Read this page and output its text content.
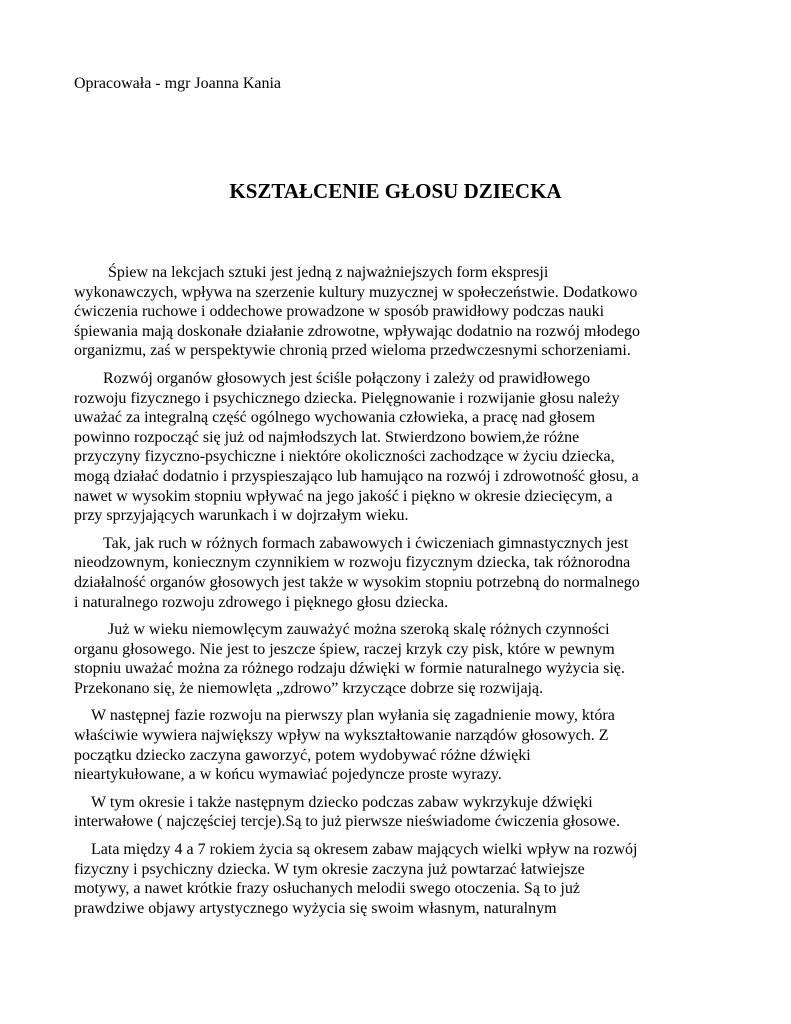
Opracowała - mgr Joanna Kania

KSZTAŁCENIE GŁOSU DZIECKA

Śpiew na lekcjach sztuki jest jedną z najważniejszych form ekspresji
wykonawczych, wpływa na szerzenie kultury muzycznej w społeczeństwie. Dodatkowo
ćwiczenia ruchowe i oddechowe prowadzone w sposób prawidłowy podczas nauki
śpiewania mają doskonałe działanie zdrowotne, wpływając dodatnio na rozwój młodego
organizmu, zaś w perspektywie chronią przed wieloma przedwczesnymi schorzeniami.

Rozwój organów głosowych jest ściśle połączony i zależy od prawidłowego
rozwoju fizycznego i psychicznego dziecka. Pielęgnowanie i rozwijanie głosu należy
uważać za integralną część ogólnego wychowania człowieka, a pracę nad głosem
powinno rozpocząć się już od najmłodszych lat. Stwierdzono bowiem,że różne
przyczyny fizyczno-psychiczne i niektóre okoliczności zachodzące w życiu dziecka,
mogą działać dodatnio i przyspieszająco lub hamująco na rozwój i zdrowotność głosu, a
nawet w wysokim stopniu wpływać na jego jakość i piękno w okresie dziecięcym, a
przy sprzyjających warunkach i w dojrzałym wieku.

Tak, jak ruch w różnych formach zabawowych i ćwiczeniach gimnastycznych jest
nieodzownym, koniecznym czynnikiem w rozwoju fizycznym dziecka, tak różnorodna
działalność organów głosowych jest także w wysokim stopniu potrzebną do normalnego
i naturalnego rozwoju zdrowego i pięknego głosu dziecka.

Już w wieku niemowlęcym zauważyć można szeroką skalę różnych czynności
organu głosowego. Nie jest to jeszcze śpiew, raczej krzyk czy pisk, które w pewnym
stopniu uważać można za różnego rodzaju dźwięki w formie naturalnego wyżycia się.
Przekonano się, że niemowlęta „zdrowo” krzyczące dobrze się rozwijają.

W następnej fazie rozwoju na pierwszy plan wyłania się zagadnienie mowy, która
właściwie wywiera największy wpływ na wykształtowanie narządów głosowych. Z
początku dziecko zaczyna gaworzyć, potem wydobywać różne dźwięki
nieartykułowane, a w końcu wymawiać pojedyncze proste wyrazy.

W tym okresie i także następnym dziecko podczas zabaw wykrzykuje dźwięki
interwałowe ( najczęściej tercje).Są to już pierwsze nieświadome ćwiczenia głosowe.

Lata między 4 a 7 rokiem życia są okresem zabaw mających wielki wpływ na rozwój
fizyczny i psychiczny dziecka. W tym okresie zaczyna już powtarzać łatwiejsze
motywy, a nawet krótkie frazy osłuchanych melodii swego otoczenia. Są to już
prawdziwe objawy artystycznego wyżycia się swoim własnym, naturalnym
